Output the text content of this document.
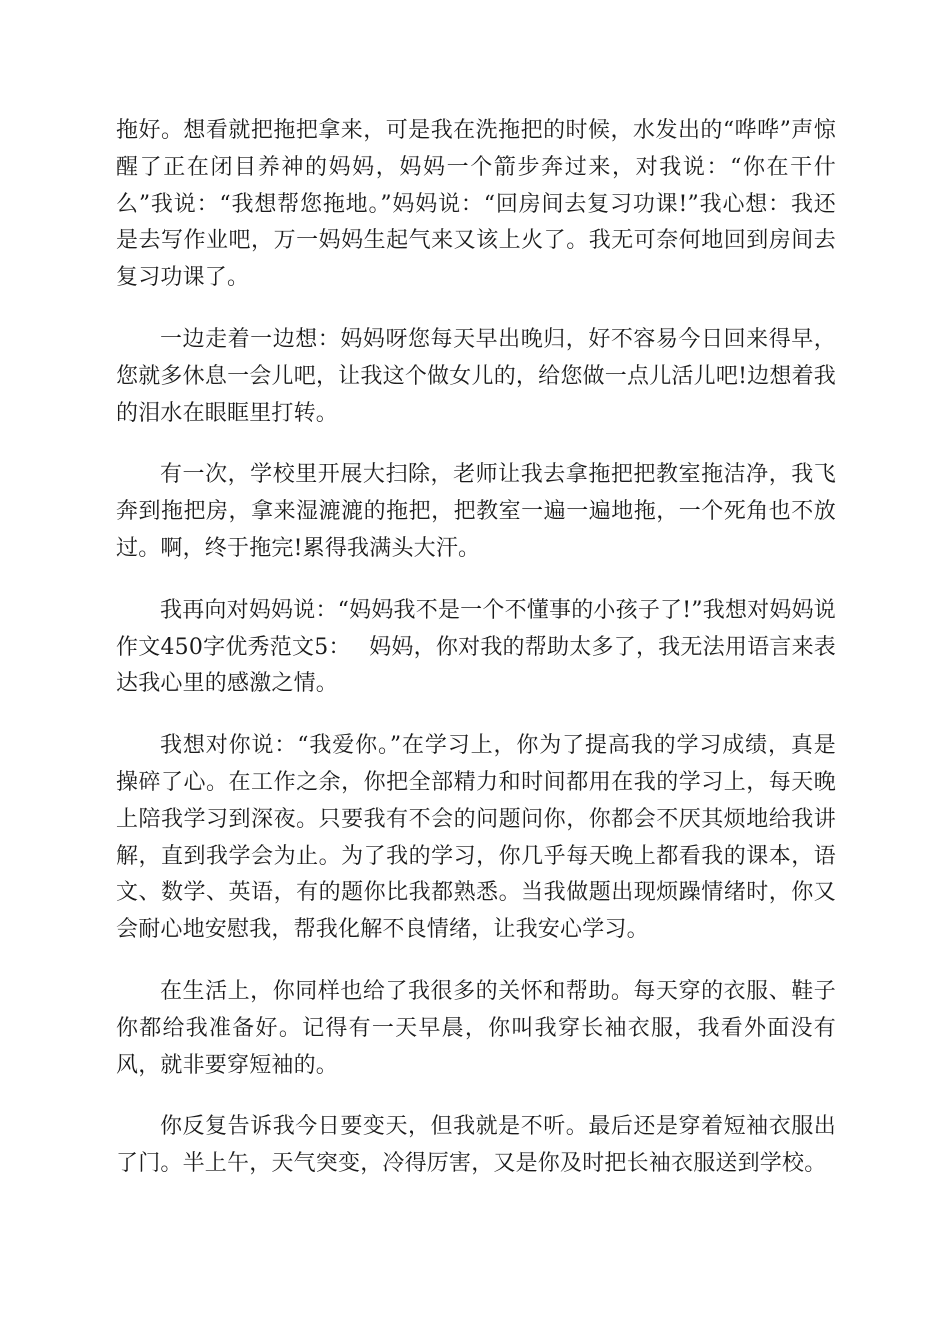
拖好。想看就把拖把拿来，可是我在洗拖把的时候，水发出的“哗哗”声惊醒了正在闭目养神的妈妈，妈妈一个箭步奔过来，对我说：“你在干什么”我说：“我想帮您拖地。”妈妈说：“回房间去复习功课!”我心想：我还是去写作业吧，万一妈妈生起气来又该上火了。我无可奈何地回到房间去复习功课了。

一边走着一边想：妈妈呀您每天早出晚归，好不容易今日回来得早，您就多休息一会儿吧，让我这个做女儿的，给您做一点儿活儿吧!边想着我的泪水在眼眶里打转。

有一次，学校里开展大扫除，老师让我去拿拖把把教室拖洁净，我飞奔到拖把房，拿来湿漉漉的拖把，把教室一遍一遍地拖，一个死角也不放过。啊，终于拖完!累得我满头大汗。

我再向对妈妈说：“妈妈我不是一个不懂事的小孩子了!”我想对妈妈说作文450字优秀范文5：　 妈妈，你对我的帮助太多了，我无法用语言来表达我心里的感激之情。

我想对你说：“我爱你。”在学习上，你为了提高我的学习成绩，真是操碎了心。在工作之余，你把全部精力和时间都用在我的学习上，每天晚上陪我学习到深夜。只要我有不会的问题问你，你都会不厌其烦地给我讲解，直到我学会为止。为了我的学习，你几乎每天晚上都看我的课本，语文、数学、英语，有的题你比我都熟悉。当我做题出现烦躁情绪时，你又会耐心地安慰我，帮我化解不良情绪，让我安心学习。

在生活上，你同样也给了我很多的关怀和帮助。每天穿的衣服、鞋子你都给我准备好。记得有一天早晨，你叫我穿长袖衣服，我看外面没有风，就非要穿短袖的。

你反复告诉我今日要变天，但我就是不听。最后还是穿着短袖衣服出了门。半上午，天气突变，冷得厉害，又是你及时把长袖衣服送到学校。
